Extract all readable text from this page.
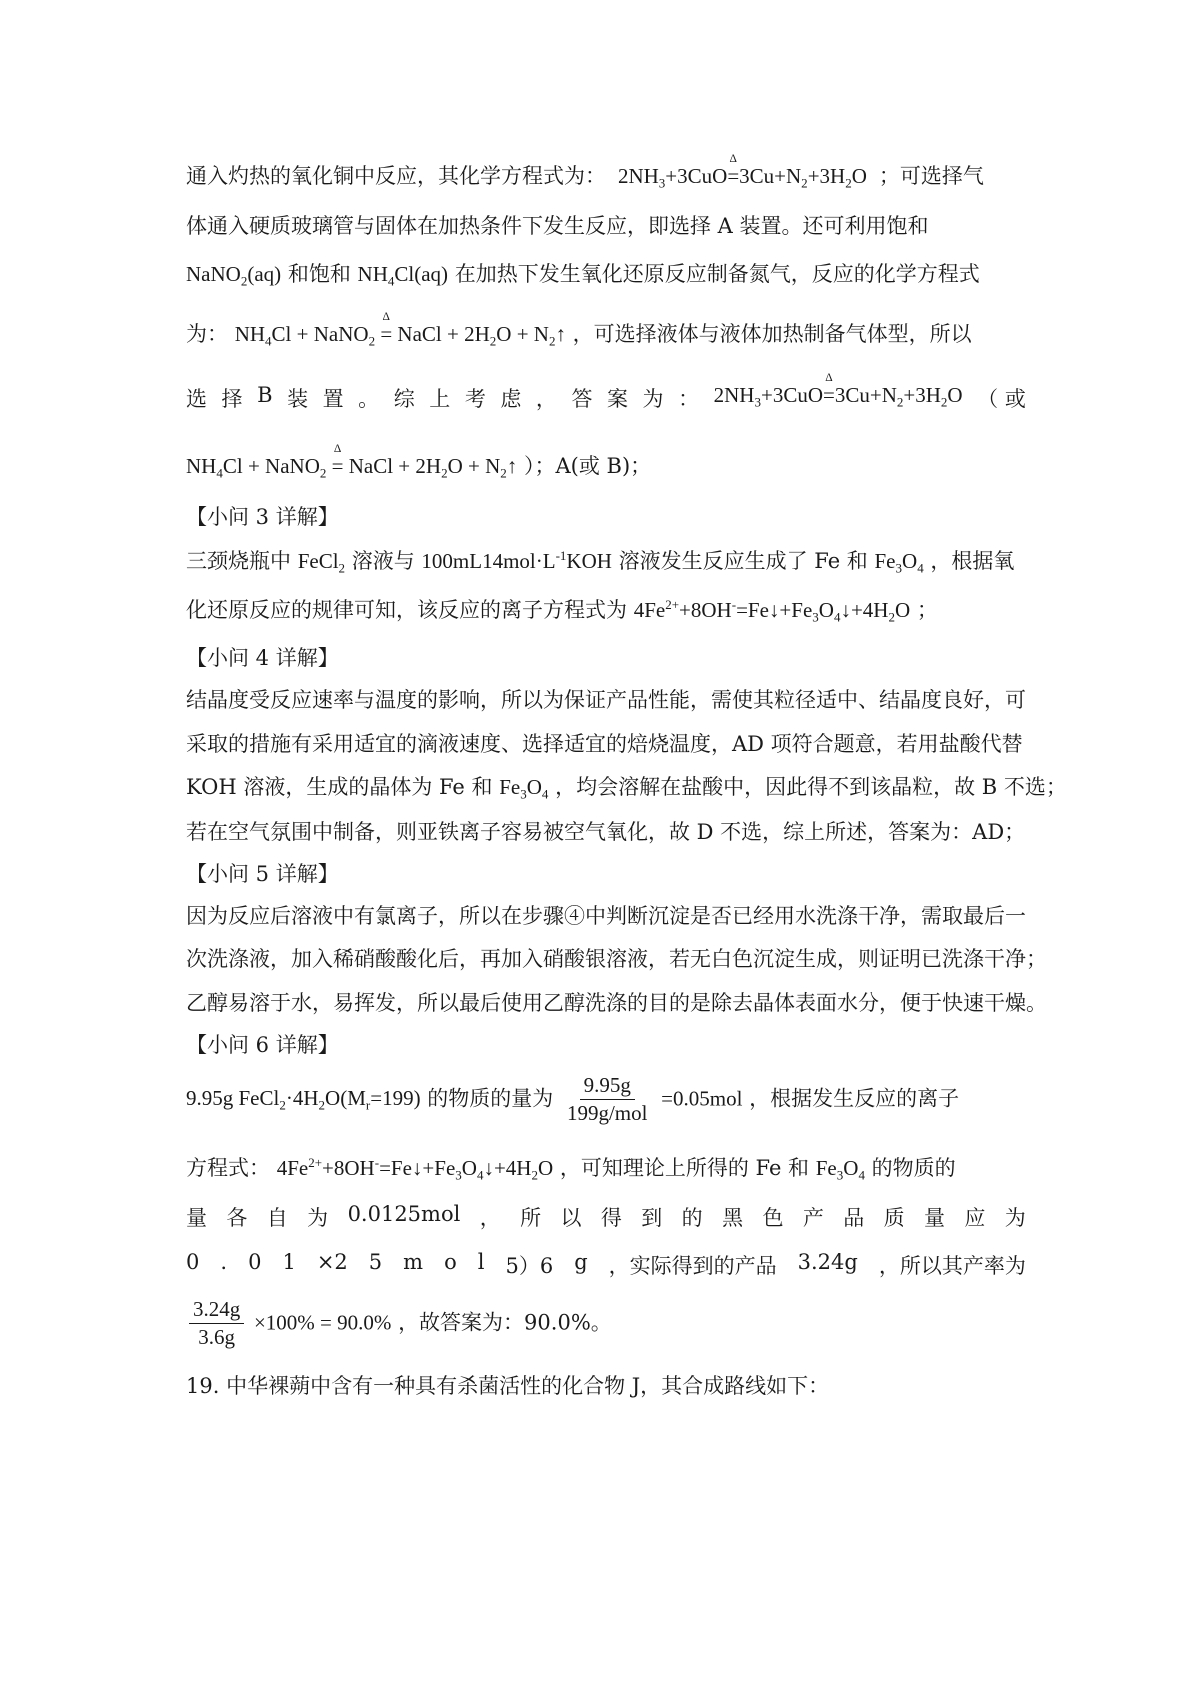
通入灼热的氧化铜中反应，其化学方程式为：  $2NH_3+3CuO\Delta =3Cu+N_2+3H_2O$  ；可选择气
体通入硬质玻璃管与固体在加热条件下发生反应，即选择 A 装置。还可利用饱和
NaNO$_2$(aq) 和饱和 $NH_4Cl(aq)$ 在加热下发生氧化还原反应制备氮气，反应的化学方程式
为： $NH_4Cl$ + NaNO$_2$ Δ = NaCl + $2H_2O$ + $N_2↑$ ，可选择液体与液体加热制备气体型，所以
选 择 B 装 置 。 综 上 考 虑 ， 答 案 为 ： $2NH_3+3CuO\Delta =3Cu+N_2+3H_2O$ （ 或
$NH_4Cl$ + NaNO$_2$ Δ = NaCl + $2H_2O$ + $N_2↑$ ）；A(或 B)；
【小问 3 详解】
三颈烧瓶中 FeCl$_2$ 溶液与 $100mL14mol\cdot L^{-1}KOH$ 溶液发生反应生成了 Fe 和 $Fe_3O_4$ ，根据氧
化还原反应的规律可知，该反应的离子方程式为 $4Fe^{2+}+8OH^-=Fe↓+Fe_3O_4↓+4H_2O$ ；
【小问 4 详解】
结晶度受反应速率与温度的影响，所以为保证产品性能，需使其粒径适中、结晶度良好，可
采取的措施有采用适宜的滴液速度、选择适宜的焙烧温度，AD 项符合题意，若用盐酸代替
KOH 溶液，生成的晶体为 Fe 和 $Fe_3O_4$ ，均会溶解在盐酸中，因此得不到该晶粒，故 B 不选；
若在空气氛围中制备，则亚铁离子容易被空气氧化，故 D 不选，综上所述，答案为：AD；
【小问 5 详解】
因为反应后溶液中有氯离子，所以在步骤④中判断沉淀是否已经用水洗涤干净，需取最后一
次洗涤液，加入稀硝酸酸化后，再加入硝酸银溶液，若无白色沉淀生成，则证明已洗涤干净；
乙醇易溶于水，易挥发，所以最后使用乙醇洗涤的目的是除去晶体表面水分，便于快速干燥。
【小问 6 详解】
9.95g $FeCl_2\cdot 4H_2O(M_r=199)$ 的物质的量为 $\frac{9.95g}{\text{199g/mol}} =0.05mol$ ，根据发生反应的离子
方程式： $4Fe^{2+}+8OH^-=Fe↓+Fe_3O_4↓+4H_2O$ ，可知理论上所得的 Fe 和 $Fe_3O_4$ 的物质的
量 各 自 为 0.0125mol ， 所 以 得 到 的 黑 色 产 品 质 量 应 为
0 . 0 1 ×2 5 m o l 5）6 g ，实际得到的产品 3.24g ，所以其产率为
$\frac{3.24g}{3.6g} \times 100\% = 90.0\%$ ，故答案为：90.0%。
19. 中华裸蒴中含有一种具有杀菌活性的化合物 J，其合成路线如下：
